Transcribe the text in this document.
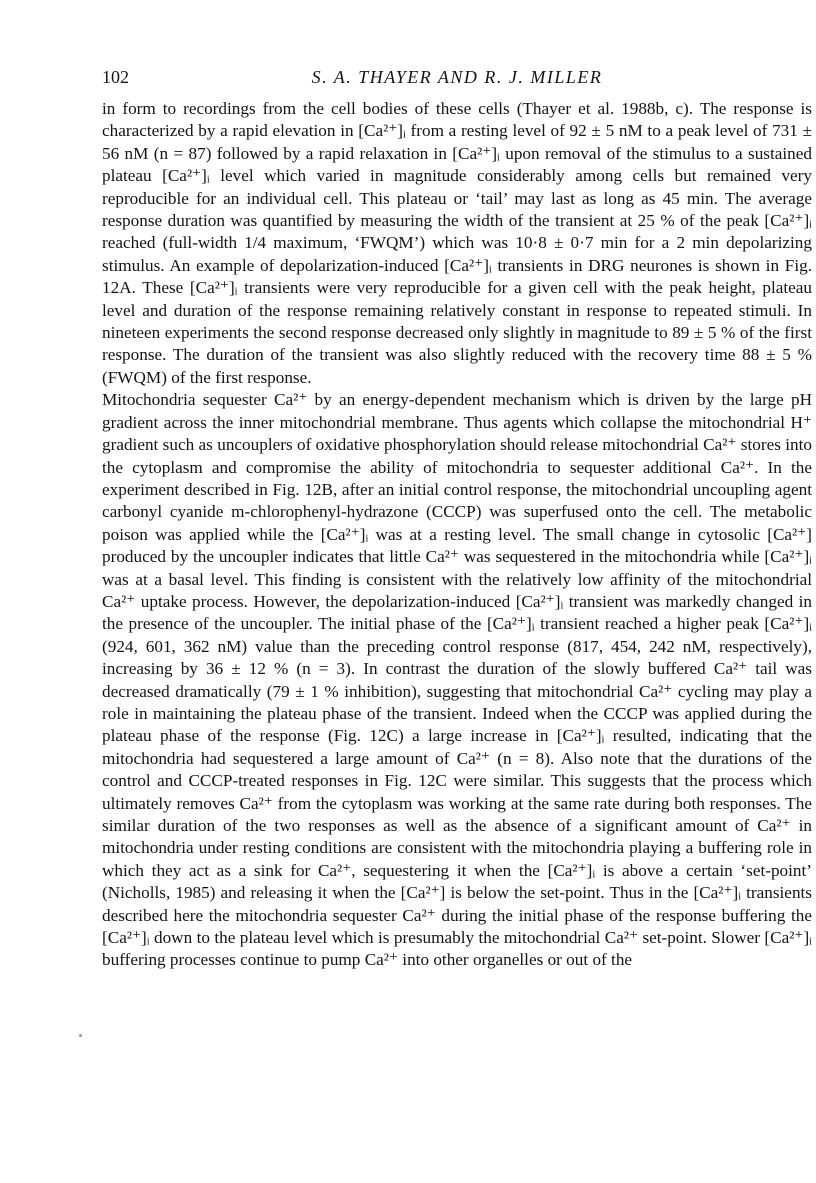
102	S. A. THAYER AND R. J. MILLER

in form to recordings from the cell bodies of these cells (Thayer et al. 1988b, c). The response is characterized by a rapid elevation in [Ca²⁺]ᵢ from a resting level of 92 ± 5 nM to a peak level of 731 ± 56 nM (n = 87) followed by a rapid relaxation in [Ca²⁺]ᵢ upon removal of the stimulus to a sustained plateau [Ca²⁺]ᵢ level which varied in magnitude considerably among cells but remained very reproducible for an individual cell. This plateau or ‘tail’ may last as long as 45 min. The average response duration was quantified by measuring the width of the transient at 25 % of the peak [Ca²⁺]ᵢ reached (full-width 1/4 maximum, ‘FWQM’) which was 10·8 ± 0·7 min for a 2 min depolarizing stimulus. An example of depolarization-induced [Ca²⁺]ᵢ transients in DRG neurones is shown in Fig. 12A. These [Ca²⁺]ᵢ transients were very reproducible for a given cell with the peak height, plateau level and duration of the response remaining relatively constant in response to repeated stimuli. In nineteen experiments the second response decreased only slightly in magnitude to 89 ± 5 % of the first response. The duration of the transient was also slightly reduced with the recovery time 88 ± 5 % (FWQM) of the first response.

Mitochondria sequester Ca²⁺ by an energy-dependent mechanism which is driven by the large pH gradient across the inner mitochondrial membrane. Thus agents which collapse the mitochondrial H⁺ gradient such as uncouplers of oxidative phosphorylation should release mitochondrial Ca²⁺ stores into the cytoplasm and compromise the ability of mitochondria to sequester additional Ca²⁺. In the experiment described in Fig. 12B, after an initial control response, the mitochondrial uncoupling agent carbonyl cyanide m-chlorophenyl-hydrazone (CCCP) was superfused onto the cell. The metabolic poison was applied while the [Ca²⁺]ᵢ was at a resting level. The small change in cytosolic [Ca²⁺] produced by the uncoupler indicates that little Ca²⁺ was sequestered in the mitochondria while [Ca²⁺]ᵢ was at a basal level. This finding is consistent with the relatively low affinity of the mitochondrial Ca²⁺ uptake process. However, the depolarization-induced [Ca²⁺]ᵢ transient was markedly changed in the presence of the uncoupler. The initial phase of the [Ca²⁺]ᵢ transient reached a higher peak [Ca²⁺]ᵢ (924, 601, 362 nM) value than the preceding control response (817, 454, 242 nM, respectively), increasing by 36 ± 12 % (n = 3). In contrast the duration of the slowly buffered Ca²⁺ tail was decreased dramatically (79 ± 1 % inhibition), suggesting that mitochondrial Ca²⁺ cycling may play a role in maintaining the plateau phase of the transient. Indeed when the CCCP was applied during the plateau phase of the response (Fig. 12C) a large increase in [Ca²⁺]ᵢ resulted, indicating that the mitochondria had sequestered a large amount of Ca²⁺ (n = 8). Also note that the durations of the control and CCCP-treated responses in Fig. 12C were similar. This suggests that the process which ultimately removes Ca²⁺ from the cytoplasm was working at the same rate during both responses. The similar duration of the two responses as well as the absence of a significant amount of Ca²⁺ in mitochondria under resting conditions are consistent with the mitochondria playing a buffering role in which they act as a sink for Ca²⁺, sequestering it when the [Ca²⁺]ᵢ is above a certain ‘set-point’ (Nicholls, 1985) and releasing it when the [Ca²⁺] is below the set-point. Thus in the [Ca²⁺]ᵢ transients described here the mitochondria sequester Ca²⁺ during the initial phase of the response buffering the [Ca²⁺]ᵢ down to the plateau level which is presumably the mitochondrial Ca²⁺ set-point. Slower [Ca²⁺]ᵢ buffering processes continue to pump Ca²⁺ into other organelles or out of the
